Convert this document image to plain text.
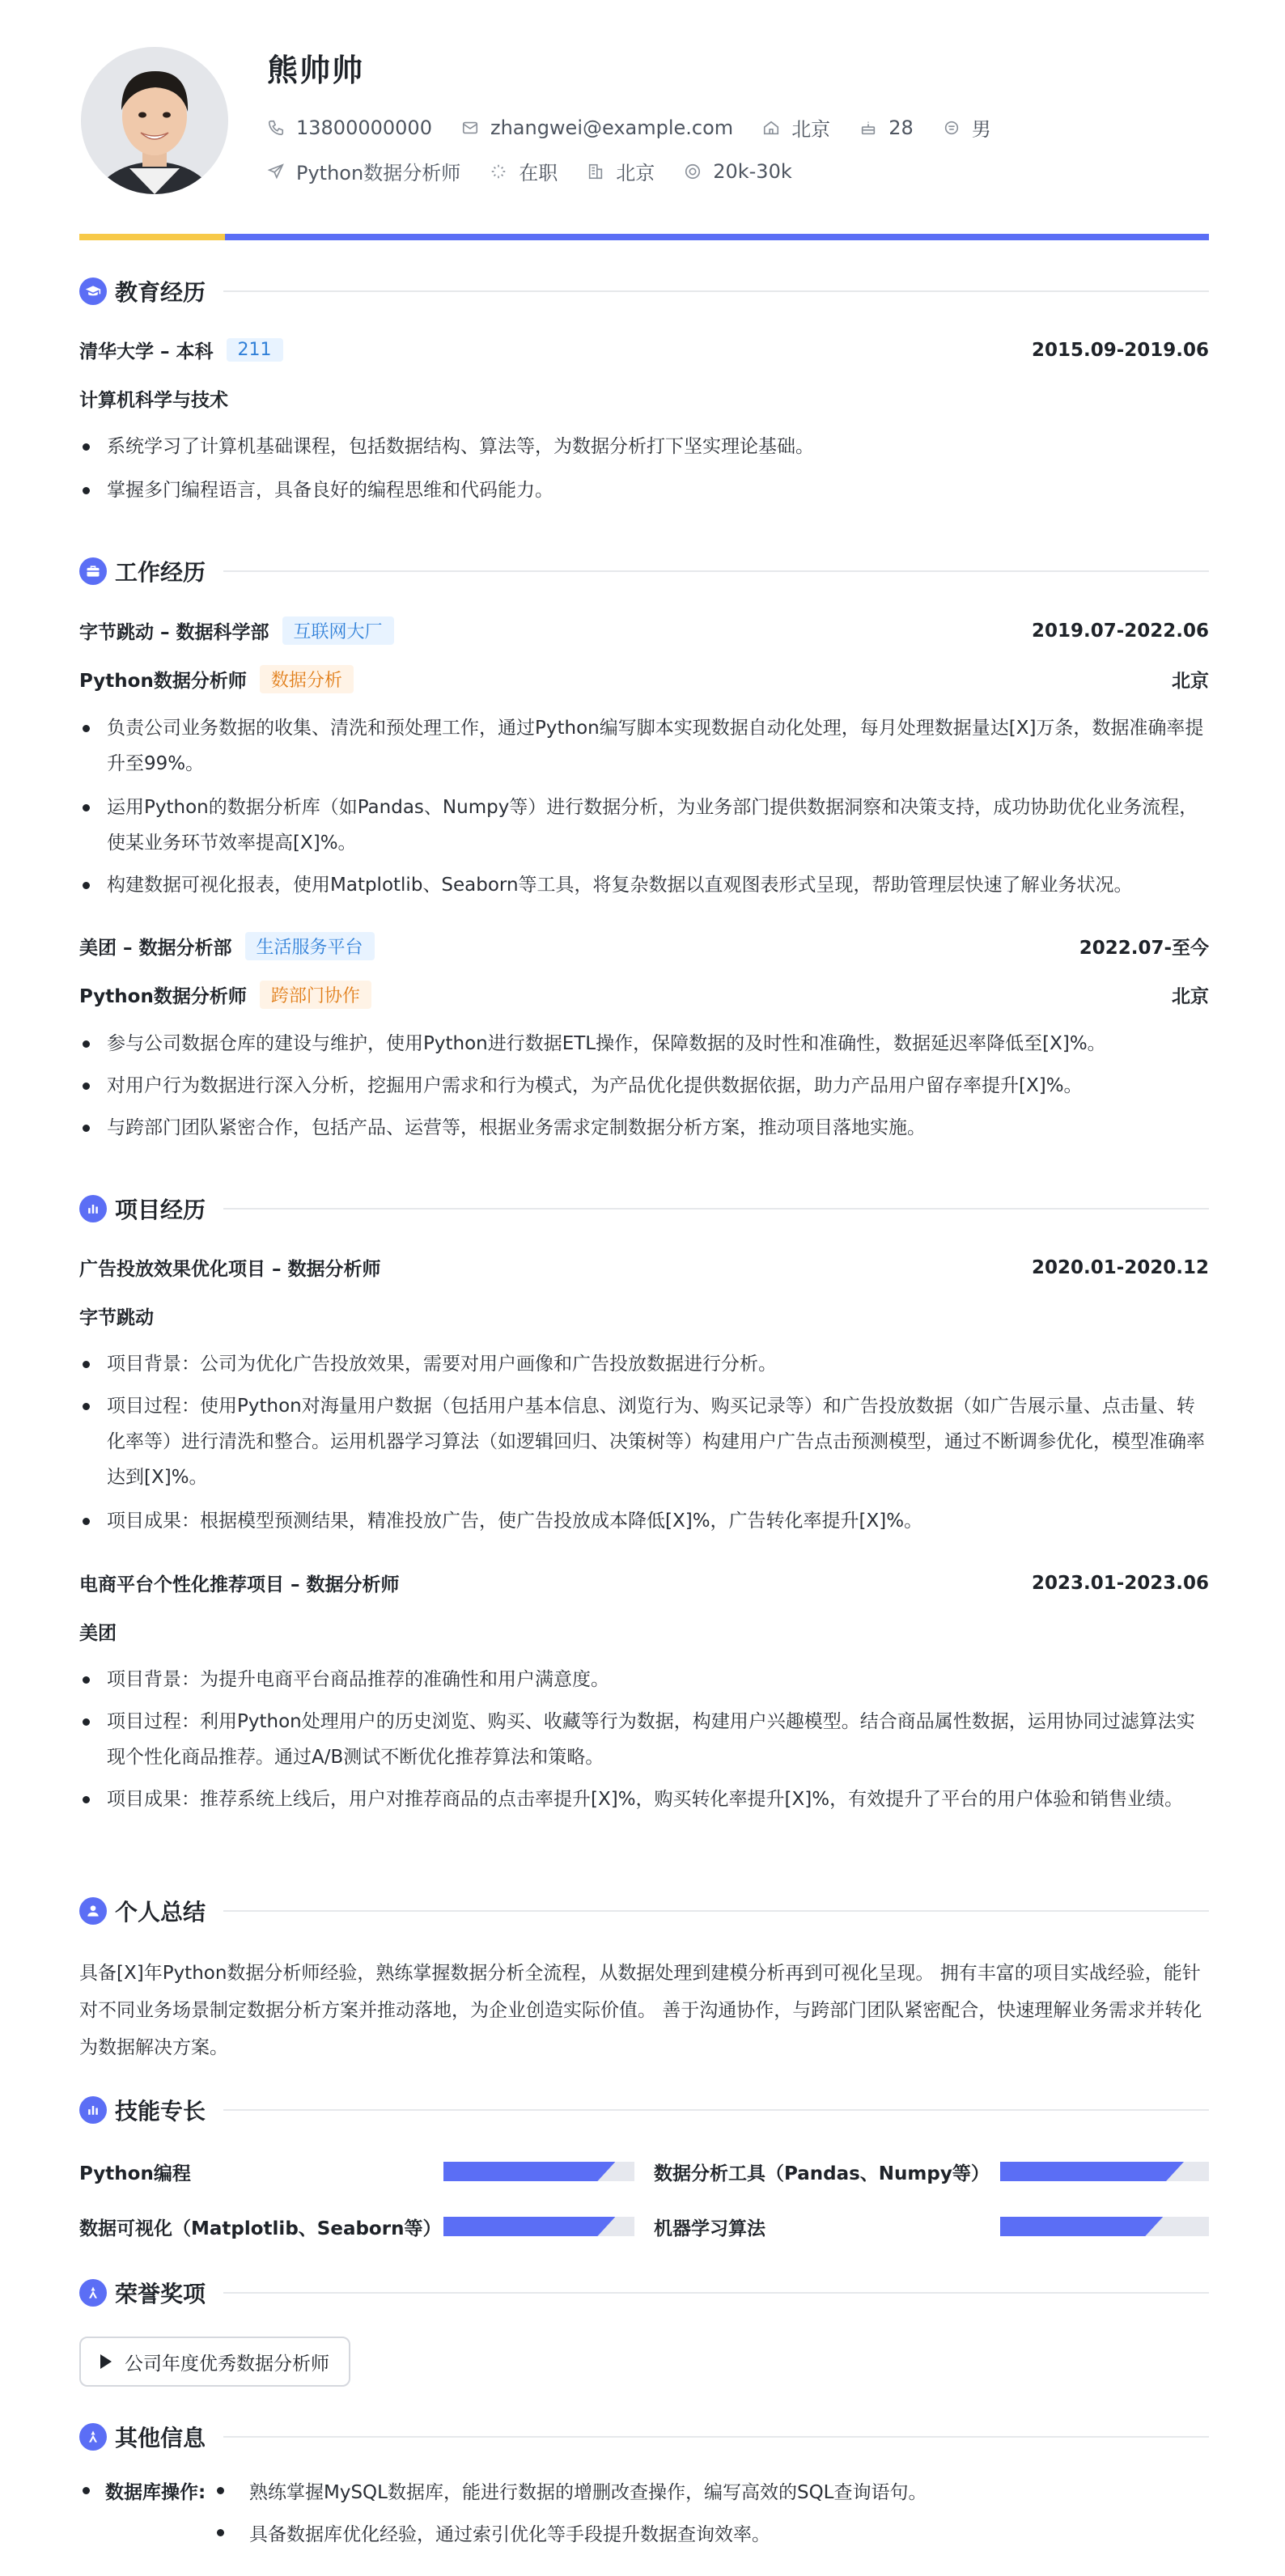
熊帅帅
13800000000	zhangwei@example.com	北京	28	男
Python数据分析师	在职	北京	20k-30k
教育经历
清华大学 – 本科	211	2015.09-2019.06
计算机科学与技术
系统学习了计算机基础课程，包括数据结构、算法等，为数据分析打下坚实理论基础。
掌握多门编程语言，具备良好的编程思维和代码能力。
工作经历
字节跳动 – 数据科学部	互联网大厂	2019.07-2022.06
Python数据分析师	数据分析	北京
负责公司业务数据的收集、清洗和预处理工作，通过Python编写脚本实现数据自动化处理，每月处理数据量达[X]万条，数据准确率提升至99%。
运用Python的数据分析库（如Pandas、Numpy等）进行数据分析，为业务部门提供数据洞察和决策支持，成功协助优化业务流程，使某业务环节效率提高[X]%。
构建数据可视化报表，使用Matplotlib、Seaborn等工具，将复杂数据以直观图表形式呈现，帮助管理层快速了解业务状况。
美团 – 数据分析部	生活服务平台	2022.07-至今
Python数据分析师	跨部门协作	北京
参与公司数据仓库的建设与维护，使用Python进行数据ETL操作，保障数据的及时性和准确性，数据延迟率降低至[X]%。
对用户行为数据进行深入分析，挖掘用户需求和行为模式，为产品优化提供数据依据，助力产品用户留存率提升[X]%。
与跨部门团队紧密合作，包括产品、运营等，根据业务需求定制数据分析方案，推动项目落地实施。
项目经历
广告投放效果优化项目 – 数据分析师	2020.01-2020.12
字节跳动
项目背景：公司为优化广告投放效果，需要对用户画像和广告投放数据进行分析。
项目过程：使用Python对海量用户数据（包括用户基本信息、浏览行为、购买记录等）和广告投放数据（如广告展示量、点击量、转化率等）进行清洗和整合。运用机器学习算法（如逻辑回归、决策树等）构建用户广告点击预测模型，通过不断调参优化，模型准确率达到[X]%。
项目成果：根据模型预测结果，精准投放广告，使广告投放成本降低[X]%，广告转化率提升[X]%。
电商平台个性化推荐项目 – 数据分析师	2023.01-2023.06
美团
项目背景：为提升电商平台商品推荐的准确性和用户满意度。
项目过程：利用Python处理用户的历史浏览、购买、收藏等行为数据，构建用户兴趣模型。结合商品属性数据，运用协同过滤算法实现个性化商品推荐。通过A/B测试不断优化推荐算法和策略。
项目成果：推荐系统上线后，用户对推荐商品的点击率提升[X]%，购买转化率提升[X]%，有效提升了平台的用户体验和销售业绩。
个人总结
具备[X]年Python数据分析师经验，熟练掌握数据分析全流程，从数据处理到建模分析再到可视化呈现。 拥有丰富的项目实战经验，能针对不同业务场景制定数据分析方案并推动落地，为企业创造实际价值。 善于沟通协作，与跨部门团队紧密配合，快速理解业务需求并转化为数据解决方案。
技能专长
Python编程	数据分析工具（Pandas、Numpy等）
数据可视化（Matplotlib、Seaborn等）	机器学习算法
荣誉奖项
公司年度优秀数据分析师
其他信息
数据库操作: 熟练掌握MySQL数据库，能进行数据的增删改查操作，编写高效的SQL查询语句。
具备数据库优化经验，通过索引优化等手段提升数据查询效率。
